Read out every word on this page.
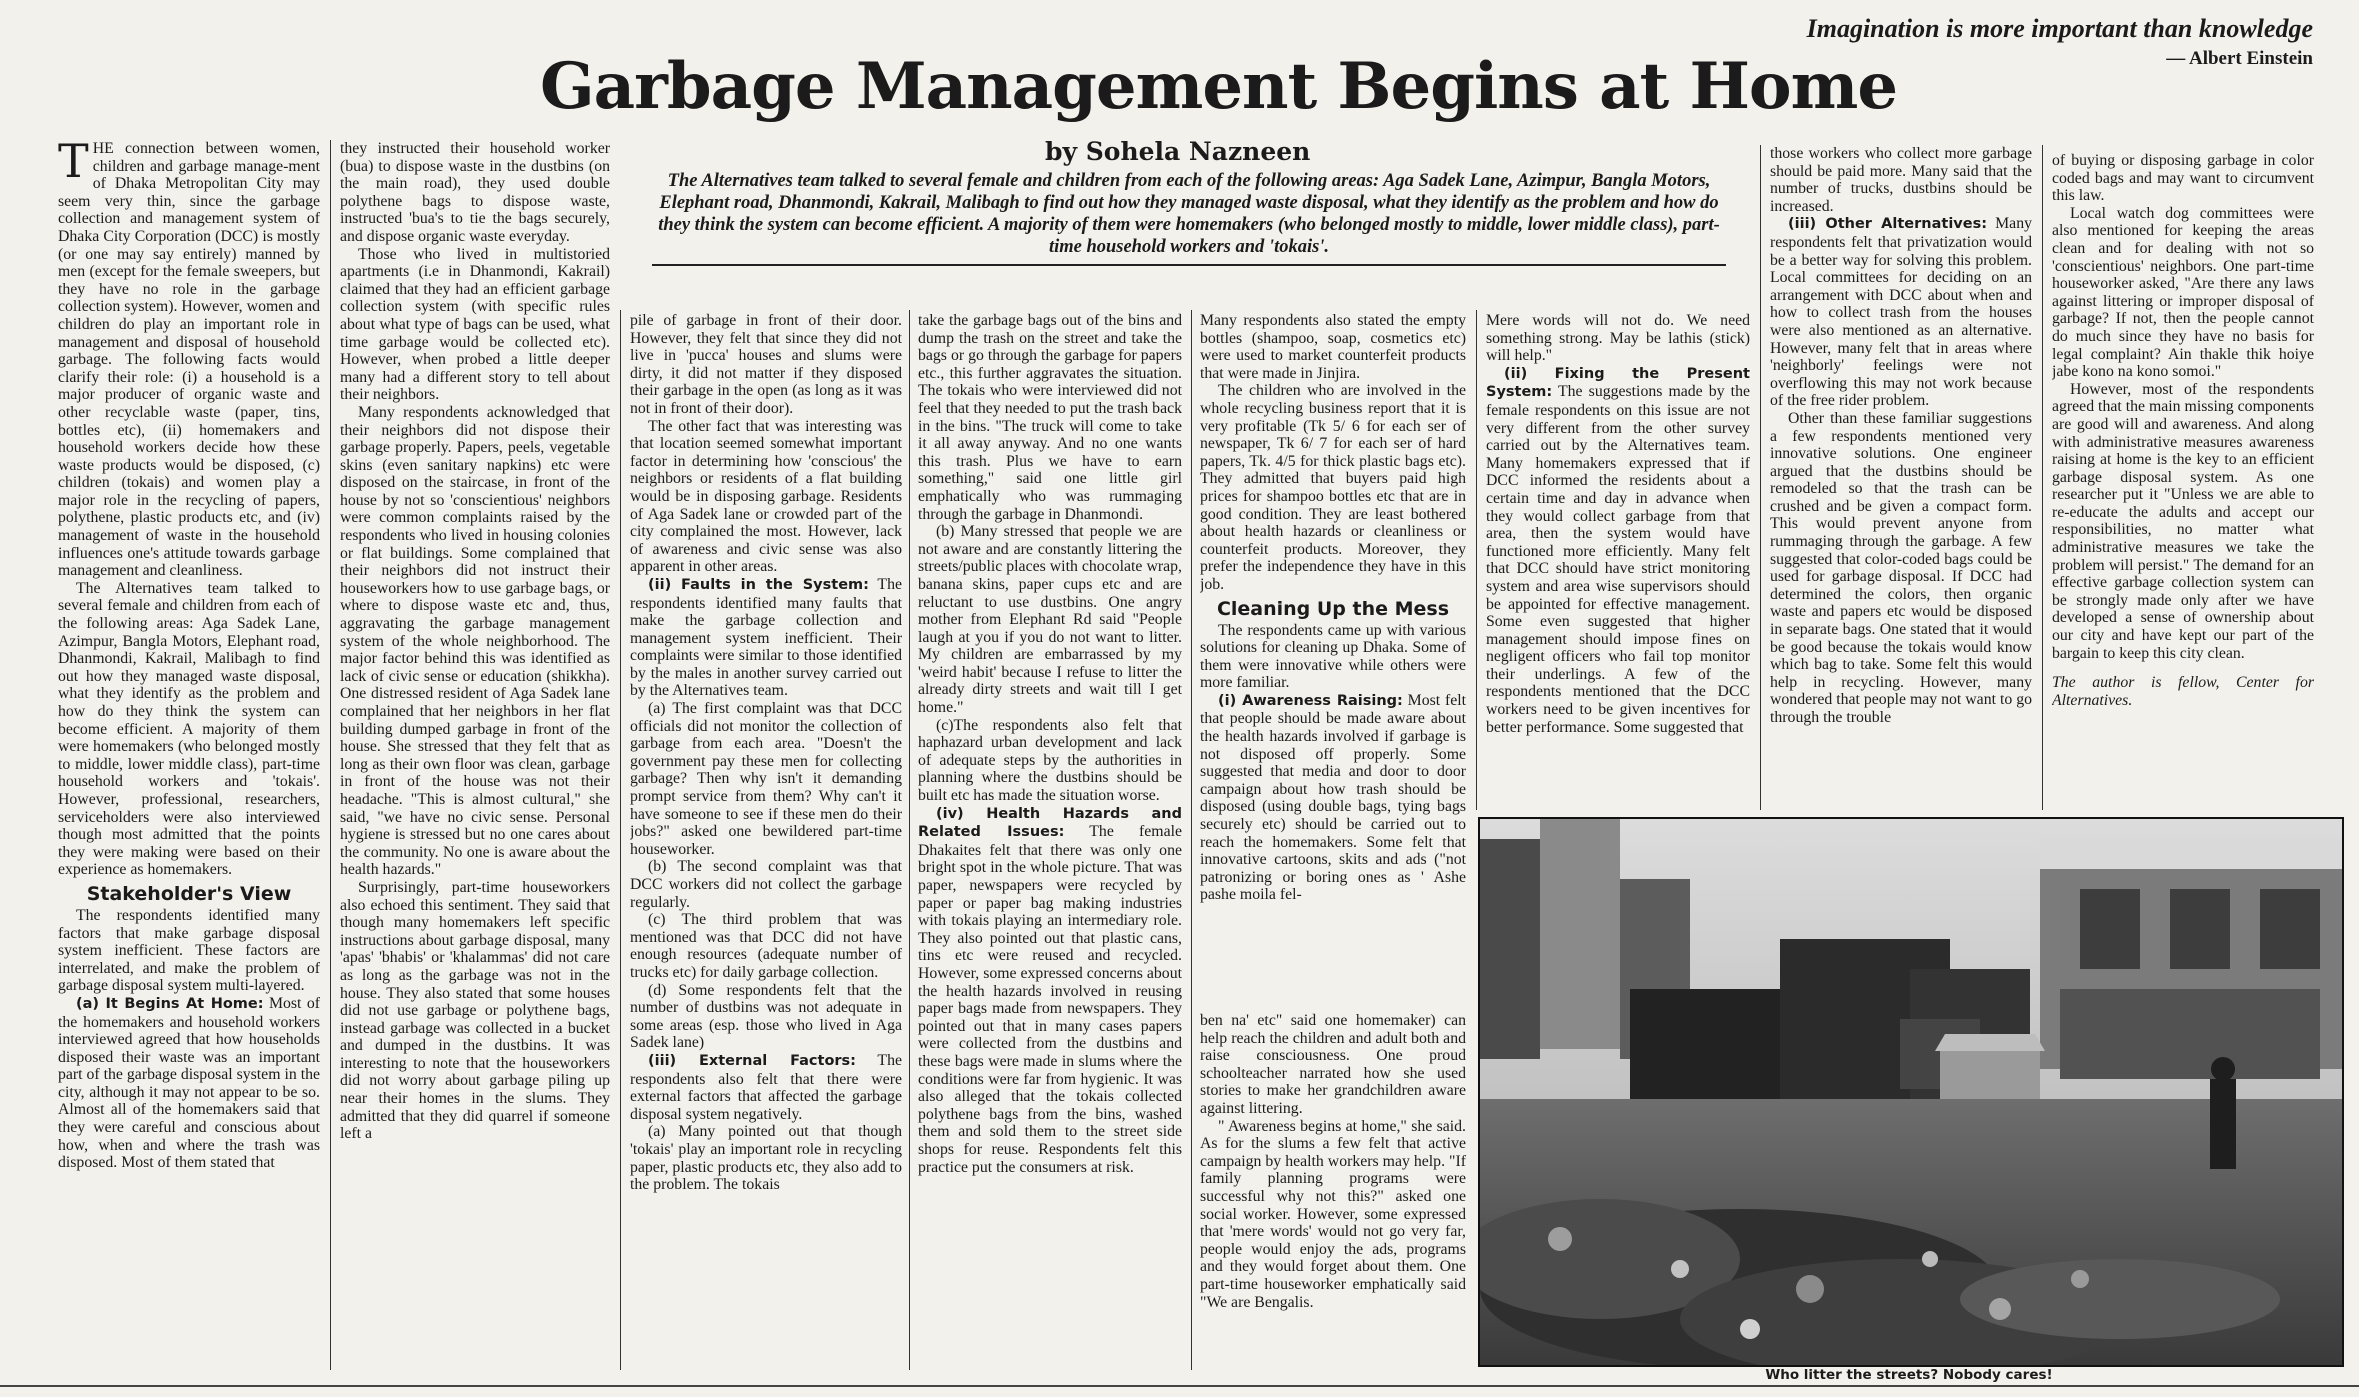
Imagination is more important than knowledge
— Albert Einstein
Garbage Management Begins at Home
by Sohela Nazneen
The Alternatives team talked to several female and children from each of the following areas: Aga Sadek Lane, Azimpur, Bangla Motors, Elephant road, Dhanmondi, Kakrail, Malibagh to find out how they managed waste disposal, what they identify as the problem and how do they think the system can become efficient. A majority of them were homemakers (who belonged mostly to middle, lower middle class), part-time household workers and 'tokais'.

THE connection between women, children and garbage manage-ment of Dhaka Metropolitan City may seem very thin, since the garbage collection and management system of Dhaka City Corporation (DCC) is mostly (or one may say entirely) manned by men (except for the female sweepers, but they have no role in the garbage collection system). However, women and children do play an important role in management and disposal of household garbage. The following facts would clarify their role: (i) a household is a major producer of organic waste and other recyclable waste (paper, tins, bottles etc), (ii) homemakers and household workers decide how these waste products would be disposed, (c) children (tokais) and women play a major role in the recycling of papers, polythene, plastic products etc, and (iv) management of waste in the household influences one's attitude towards garbage management and cleanliness.

The Alternatives team talked to several female and children from each of the following areas: Aga Sadek Lane, Azimpur, Bangla Motors, Elephant road, Dhanmondi, Kakrail, Malibagh to find out how they managed waste disposal, what they identify as the problem and how do they think the system can become efficient. A majority of them were homemakers (who belonged mostly to middle, lower middle class), part-time household workers and 'tokais'. However, professional, researchers, serviceholders were also interviewed though most admitted that the points they were making were based on their experience as homemakers.

Stakeholder's View

The respondents identified many factors that make garbage disposal system inefficient. These factors are interrelated, and make the problem of garbage disposal system multi-layered.

(a) It Begins At Home: Most of the homemakers and household workers interviewed agreed that how households disposed their waste was an important part of the garbage disposal system in the city, although it may not appear to be so. Almost all of the homemakers said that they were careful and conscious about how, when and where the trash was disposed. Most of them stated that

they instructed their household worker (bua) to dispose waste in the dustbins (on the main road), they used double polythene bags to dispose waste, instructed 'bua's to tie the bags securely, and dispose organic waste everyday.

Those who lived in multistoried apartments (i.e in Dhanmondi, Kakrail) claimed that they had an efficient garbage collection system (with specific rules about what type of bags can be used, what time garbage would be collected etc). However, when probed a little deeper many had a different story to tell about their neighbors.

Many respondents acknowledged that their neighbors did not dispose their garbage properly. Papers, peels, vegetable skins (even sanitary napkins) etc were disposed on the staircase, in front of the house by not so 'conscientious' neighbors were common complaints raised by the respondents who lived in housing colonies or flat buildings. Some complained that their neighbors did not instruct their houseworkers how to use garbage bags, or where to dispose waste etc and, thus, aggravating the garbage management system of the whole neighborhood. The major factor behind this was identified as lack of civic sense or education (shikkha). One distressed resident of Aga Sadek lane complained that her neighbors in her flat building dumped garbage in front of the house. She stressed that they felt that as long as their own floor was clean, garbage in front of the house was not their headache. "This is almost cultural," she said, "we have no civic sense. Personal hygiene is stressed but no one cares about the community. No one is aware about the health hazards."

Surprisingly, part-time houseworkers also echoed this sentiment. They said that though many homemakers left specific instructions about garbage disposal, many 'apas' 'bhabis' or 'khalammas' did not care as long as the garbage was not in the house. They also stated that some houses did not use garbage or polythene bags, instead garbage was collected in a bucket and dumped in the dustbins. It was interesting to note that the houseworkers did not worry about garbage piling up near their homes in the slums. They admitted that they did quarrel if someone left a

pile of garbage in front of their door. However, they felt that since they did not live in 'pucca' houses and slums were dirty, it did not matter if they disposed their garbage in the open (as long as it was not in front of their door).

The other fact that was interesting was that location seemed somewhat important factor in determining how 'conscious' the neighbors or residents of a flat building would be in disposing garbage. Residents of Aga Sadek lane or crowded part of the city complained the most. However, lack of awareness and civic sense was also apparent in other areas.

(ii) Faults in the System: The respondents identified many faults that make the garbage collection and management system inefficient. Their complaints were similar to those identified by the males in another survey carried out by the Alternatives team.

(a) The first complaint was that DCC officials did not monitor the collection of garbage from each area. "Doesn't the government pay these men for collecting garbage? Then why isn't it demanding prompt service from them? Why can't it have someone to see if these men do their jobs?" asked one bewildered part-time houseworker.

(b) The second complaint was that DCC workers did not collect the garbage regularly.

(c) The third problem that was mentioned was that DCC did not have enough resources (adequate number of trucks etc) for daily garbage collection.

(d) Some respondents felt that the number of dustbins was not adequate in some areas (esp. those who lived in Aga Sadek lane)

(iii) External Factors: The respondents also felt that there were external factors that affected the garbage disposal system negatively.

(a) Many pointed out that though 'tokais' play an important role in recycling paper, plastic products etc, they also add to the problem. The tokais

take the garbage bags out of the bins and dump the trash on the street and take the bags or go through the garbage for papers etc., this further aggravates the situation. The tokais who were interviewed did not feel that they needed to put the trash back in the bins. "The truck will come to take it all away anyway. And no one wants this trash. Plus we have to earn something," said one little girl emphatically who was rummaging through the garbage in Dhanmondi.

(b) Many stressed that people we are not aware and are constantly littering the streets/public places with chocolate wrap, banana skins, paper cups etc and are reluctant to use dustbins. One angry mother from Elephant Rd said "People laugh at you if you do not want to litter. My children are embarrassed by my 'weird habit' because I refuse to litter the already dirty streets and wait till I get home."

(c)The respondents also felt that haphazard urban development and lack of adequate steps by the authorities in planning where the dustbins should be built etc has made the situation worse.

(iv) Health Hazards and Related Issues: The female Dhakaites felt that there was only one bright spot in the whole picture. That was paper, newspapers were recycled by paper or paper bag making industries with tokais playing an intermediary role. They also pointed out that plastic cans, tins etc were reused and recycled. However, some expressed concerns about the health hazards involved in reusing paper bags made from newspapers. They pointed out that in many cases papers were collected from the dustbins and these bags were made in slums where the conditions were far from hygienic. It was also alleged that the tokais collected polythene bags from the bins, washed them and sold them to the street side shops for reuse. Respondents felt this practice put the consumers at risk.

Many respondents also stated the empty bottles (shampoo, soap, cosmetics etc) were used to market counterfeit products that were made in Jinjira.

The children who are involved in the whole recycling business report that it is very profitable (Tk 5/ 6 for each ser of newspaper, Tk 6/ 7 for each ser of hard papers, Tk. 4/5 for thick plastic bags etc). They admitted that buyers paid high prices for shampoo bottles etc that are in good condition. They are least bothered about health hazards or cleanliness or counterfeit products. Moreover, they prefer the independence they have in this job.

Cleaning Up the Mess

The respondents came up with various solutions for cleaning up Dhaka. Some of them were innovative while others were more familiar.

(i) Awareness Raising: Most felt that people should be made aware about the health hazards involved if garbage is not disposed off properly. Some suggested that media and door to door campaign about how trash should be disposed (using double bags, tying bags securely etc) should be carried out to reach the homemakers. Some felt that innovative cartoons, skits and ads ("not patronizing or boring ones as ' Ashe pashe moila fel-

ben na' etc" said one homemaker) can help reach the children and adult both and raise consciousness. One proud schoolteacher narrated how she used stories to make her grandchildren aware against littering.

" Awareness begins at home," she said. As for the slums a few felt that active campaign by health workers may help. "If family planning programs were successful why not this?" asked one social worker. However, some expressed that 'mere words' would not go very far, people would enjoy the ads, programs and they would forget about them. One part-time houseworker emphatically said "We are Bengalis.

Mere words will not do. We need something strong. May be lathis (stick) will help."

(ii) Fixing the Present System: The suggestions made by the female respondents on this issue are not very different from the other survey carried out by the Alternatives team. Many homemakers expressed that if DCC informed the residents about a certain time and day in advance when they would collect garbage from that area, then the system would have functioned more efficiently. Many felt that DCC should have strict monitoring system and area wise supervisors should be appointed for effective management. Some even suggested that higher management should impose fines on negligent officers who fail top monitor their underlings. A few of the respondents mentioned that the DCC workers need to be given incentives for better performance. Some suggested that

those workers who collect more garbage should be paid more. Many said that the number of trucks, dustbins should be increased.

(iii) Other Alternatives: Many respondents felt that privatization would be a better way for solving this problem. Local committees for deciding on an arrangement with DCC about when and how to collect trash from the houses were also mentioned as an alternative. However, many felt that in areas where 'neighborly' feelings were not overflowing this may not work because of the free rider problem.

Other than these familiar suggestions a few respondents mentioned very innovative solutions. One engineer argued that the dustbins should be remodeled so that the trash can be crushed and be given a compact form. This would prevent anyone from rummaging through the garbage. A few suggested that color-coded bags could be used for garbage disposal. If DCC had determined the colors, then organic waste and papers etc would be disposed in separate bags. One stated that it would be good because the tokais would know which bag to take. Some felt this would help in recycling. However, many wondered that people may not want to go through the trouble

of buying or disposing garbage in color coded bags and may want to circumvent this law.

Local watch dog committees were also mentioned for keeping the areas clean and for dealing with not so 'conscientious' neighbors. One part-time houseworker asked, "Are there any laws against littering or improper disposal of garbage? If not, then the people cannot do much since they have no basis for legal complaint? Ain thakle thik hoiye jabe kono na kono somoi."

However, most of the respondents agreed that the main missing components are good will and awareness. And along with administrative measures awareness raising at home is the key to an efficient garbage disposal system. As one researcher put it "Unless we are able to re-educate the adults and accept our responsibilities, no matter what administrative measures we take the problem will persist." The demand for an effective garbage collection system can be strongly made only after we have developed a sense of ownership about our city and have kept our part of the bargain to keep this city clean.

The author is fellow, Center for Alternatives.

Who litter the streets? Nobody cares!
